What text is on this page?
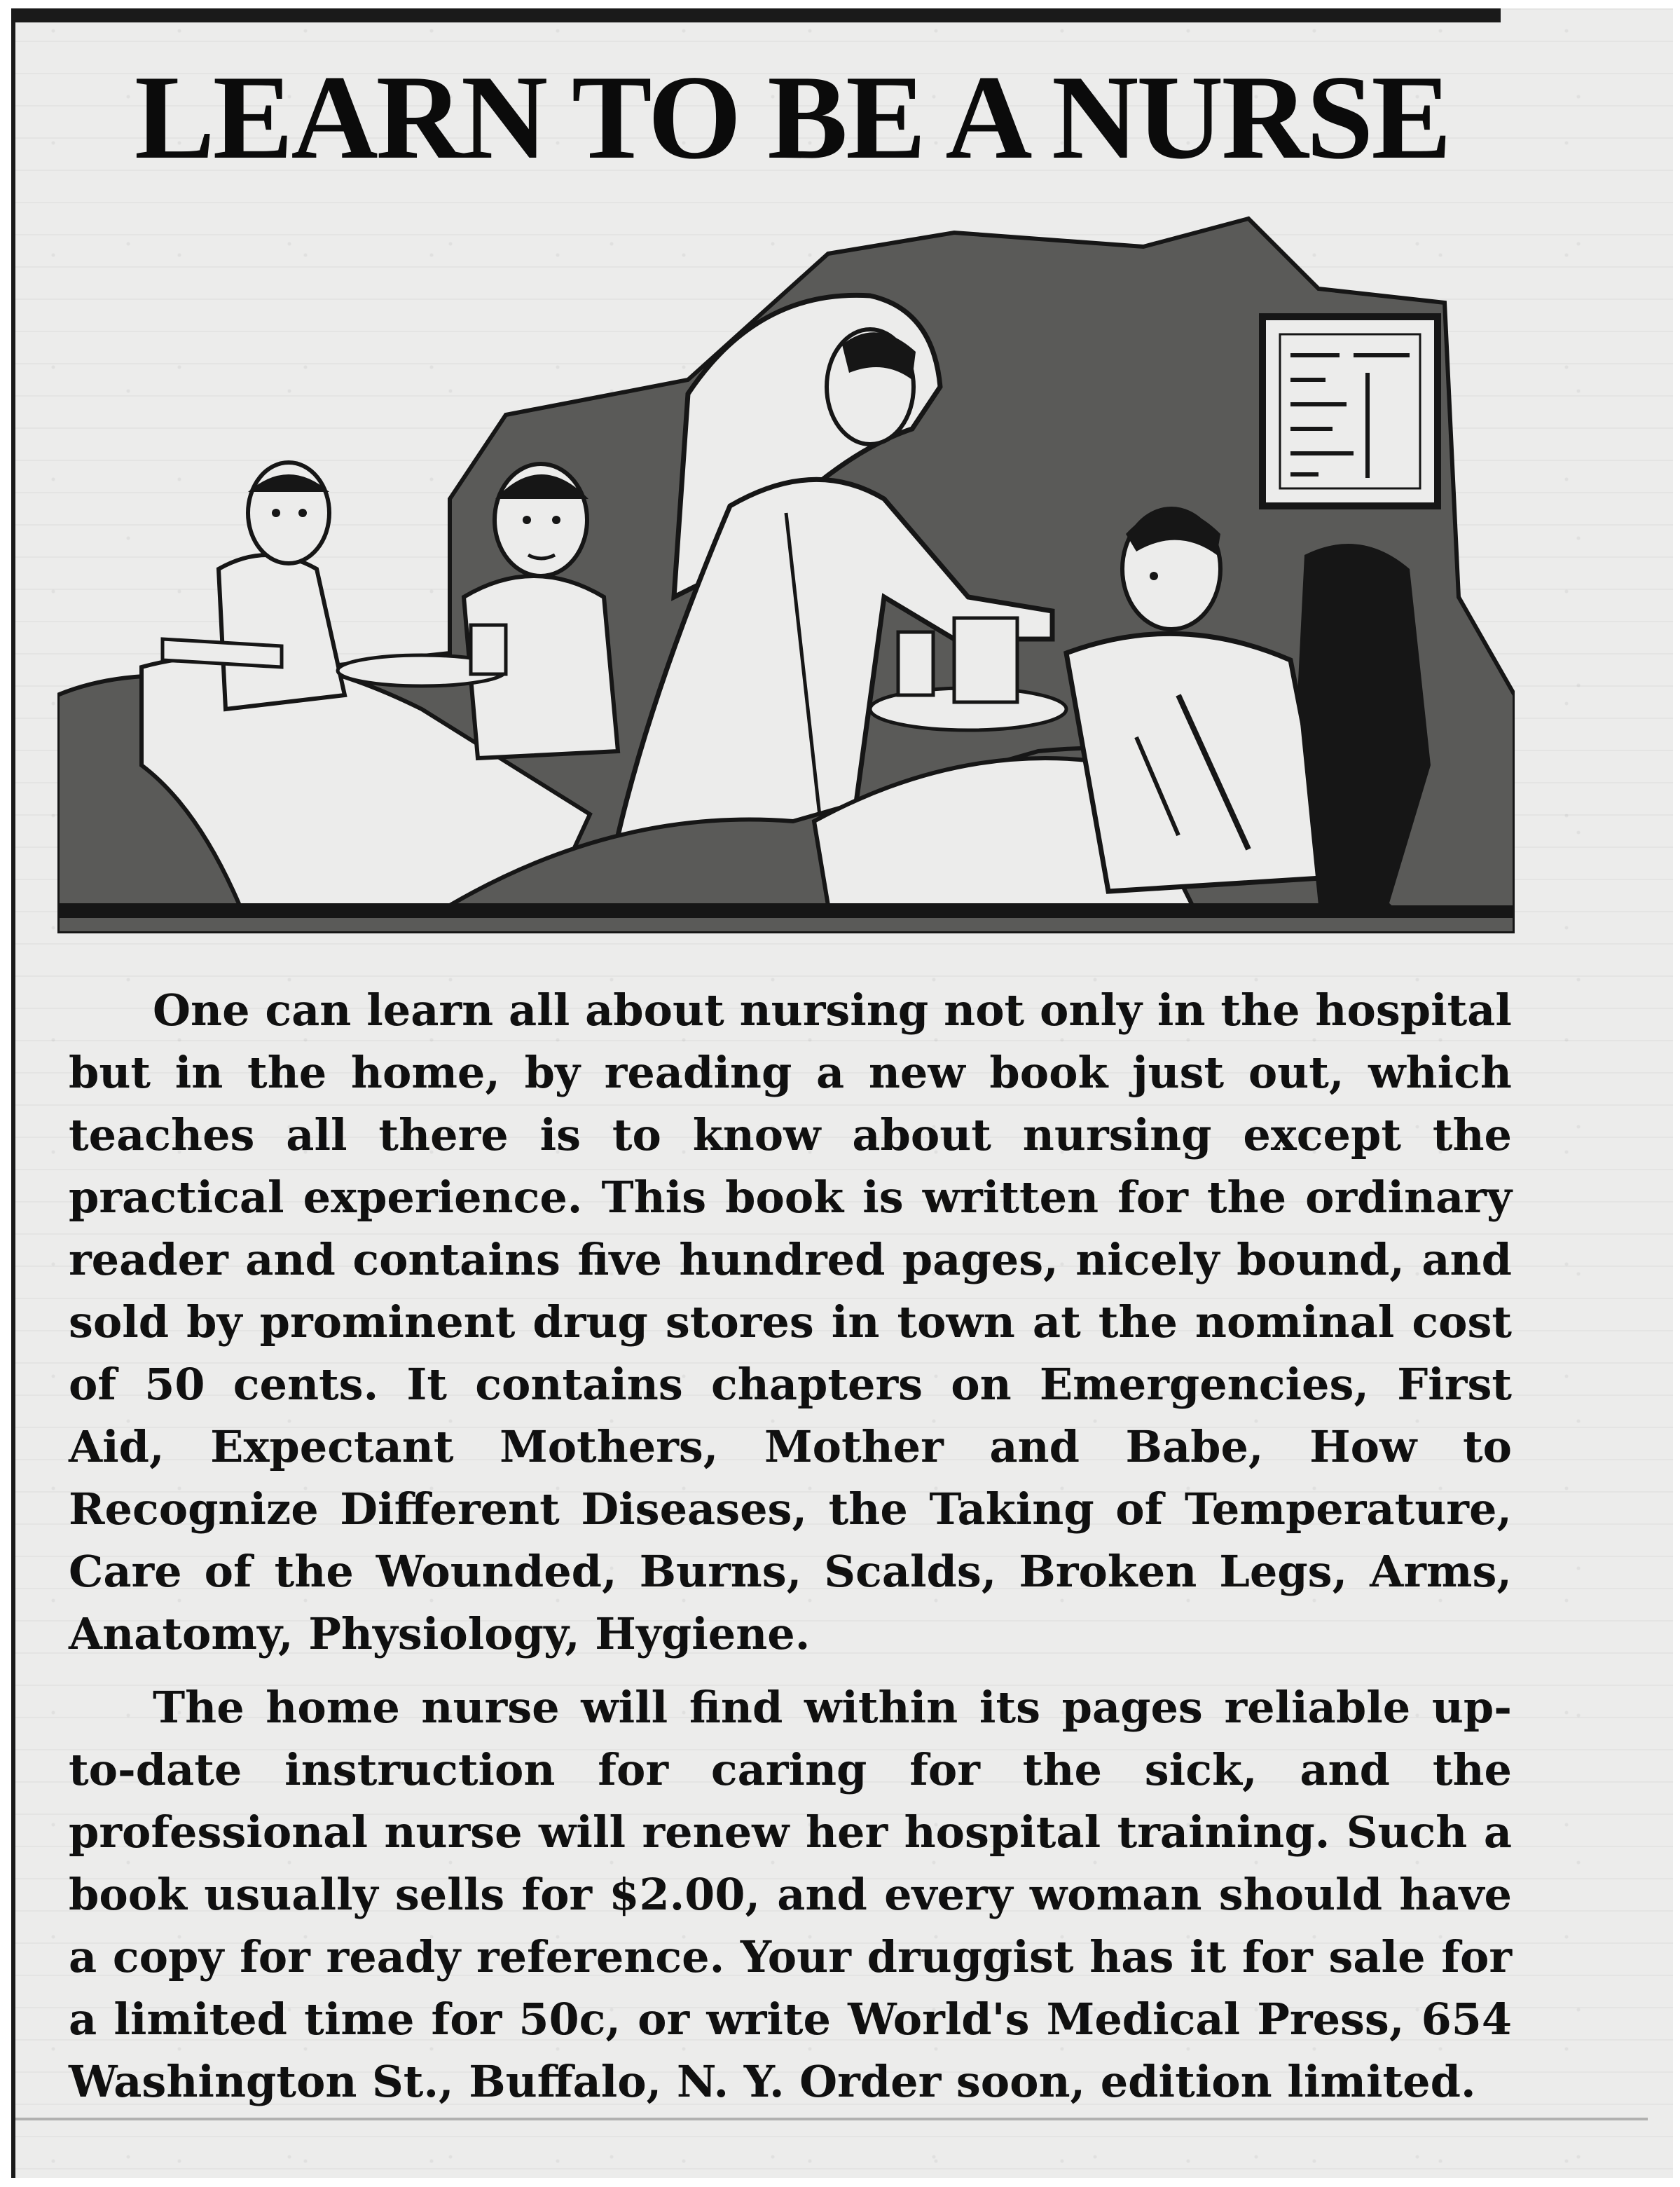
LEARN TO BE A NURSE

One can learn all about nursing not only in the hospital but in the home, by reading a new book just out, which teaches all there is to know about nursing except the practical experience. This book is written for the ordinary reader and contains five hundred pages, nicely bound, and sold by prominent drug stores in town at the nominal cost of 50 cents. It contains chapters on Emergencies, First Aid, Expectant Mothers, Mother and Babe, How to Recognize Different Diseases, the Taking of Temperature, Care of the Wounded, Burns, Scalds, Broken Legs, Arms, Anatomy, Physiology, Hygiene.

The home nurse will find within its pages reliable up-to-date instruction for caring for the sick, and the professional nurse will renew her hospital training. Such a book usually sells for $2.00, and every woman should have a copy for ready reference. Your druggist has it for sale for a limited time for 50c, or write World's Medical Press, 654 Washington St., Buffalo, N. Y. Order soon, edition limited.
